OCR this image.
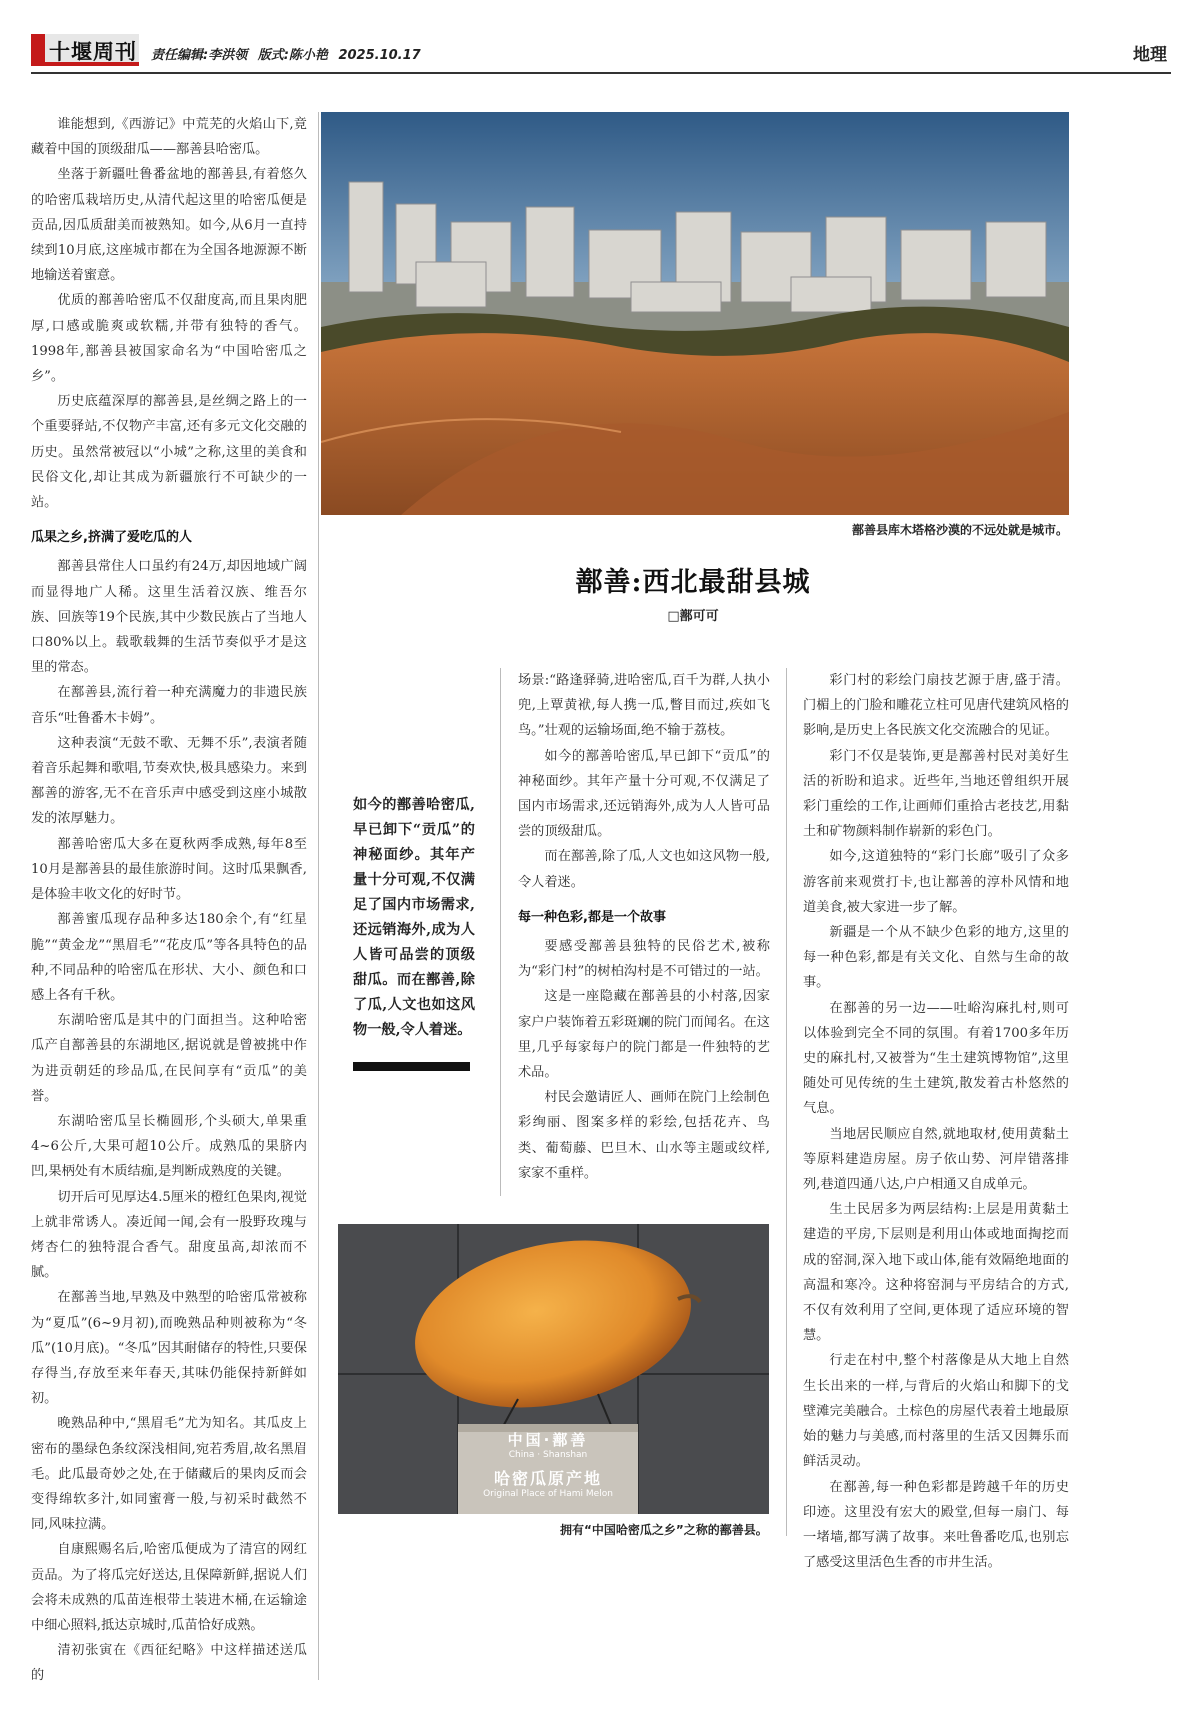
十堰周刊 责任编辑:李洪领 版式:陈小艳 2025.10.17	地理

谁能想到,《西游记》中荒芜的火焰山下,竟藏着中国的顶级甜瓜——鄯善县哈密瓜。

坐落于新疆吐鲁番盆地的鄯善县,有着悠久的哈密瓜栽培历史,从清代起这里的哈密瓜便是贡品,因瓜质甜美而被熟知。如今,从6月一直持续到10月底,这座城市都在为全国各地源源不断地输送着蜜意。

优质的鄯善哈密瓜不仅甜度高,而且果肉肥厚,口感或脆爽或软糯,并带有独特的香气。1998年,鄯善县被国家命名为“中国哈密瓜之乡”。

历史底蕴深厚的鄯善县,是丝绸之路上的一个重要驿站,不仅物产丰富,还有多元文化交融的历史。虽然常被冠以“小城”之称,这里的美食和民俗文化,却让其成为新疆旅行不可缺少的一站。

瓜果之乡,挤满了爱吃瓜的人

鄯善县常住人口虽约有24万,却因地域广阔而显得地广人稀。这里生活着汉族、维吾尔族、回族等19个民族,其中少数民族占了当地人口80%以上。载歌载舞的生活节奏似乎才是这里的常态。

在鄯善县,流行着一种充满魔力的非遗民族音乐“吐鲁番木卡姆”。

这种表演“无鼓不歌、无舞不乐”,表演者随着音乐起舞和歌唱,节奏欢快,极具感染力。来到鄯善的游客,无不在音乐声中感受到这座小城散发的浓厚魅力。

鄯善哈密瓜大多在夏秋两季成熟,每年8至10月是鄯善县的最佳旅游时间。这时瓜果飘香,是体验丰收文化的好时节。

鄯善蜜瓜现存品种多达180余个,有“红星脆”“黄金龙”“黑眉毛”“花皮瓜”等各具特色的品种,不同品种的哈密瓜在形状、大小、颜色和口感上各有千秋。

东湖哈密瓜是其中的门面担当。这种哈密瓜产自鄯善县的东湖地区,据说就是曾被挑中作为进贡朝廷的珍品瓜,在民间享有“贡瓜”的美誉。

东湖哈密瓜呈长椭圆形,个头硕大,单果重4~6公斤,大果可超10公斤。成熟瓜的果脐内凹,果柄处有木质结痂,是判断成熟度的关键。

切开后可见厚达4.5厘米的橙红色果肉,视觉上就非常诱人。凑近闻一闻,会有一股野玫瑰与烤杏仁的独特混合香气。甜度虽高,却浓而不腻。

在鄯善当地,早熟及中熟型的哈密瓜常被称为“夏瓜”(6~9月初),而晚熟品种则被称为“冬瓜”(10月底)。“冬瓜”因其耐储存的特性,只要保存得当,存放至来年春天,其味仍能保持新鲜如初。

晚熟品种中,“黑眉毛”尤为知名。其瓜皮上密布的墨绿色条纹深浅相间,宛若秀眉,故名黑眉毛。此瓜最奇妙之处,在于储藏后的果肉反而会变得绵软多汁,如同蜜膏一般,与初采时截然不同,风味拉满。

自康熙赐名后,哈密瓜便成为了清宫的网红贡品。为了将瓜完好送达,且保障新鲜,据说人们会将未成熟的瓜苗连根带土装进木桶,在运输途中细心照料,抵达京城时,瓜苗恰好成熟。

清初张寅在《西征纪略》中这样描述送瓜的

鄯善县库木塔格沙漠的不远处就是城市。
鄯善:西北最甜县城
□鄯可可
如今的鄯善哈密瓜,早已卸下“贡瓜”的神秘面纱。其年产量十分可观,不仅满足了国内市场需求,还远销海外,成为人人皆可品尝的顶级甜瓜。而在鄯善,除了瓜,人文也如这风物一般,令人着迷。

场景:“路逢驿骑,进哈密瓜,百千为群,人执小兜,上覃黄袱,每人携一瓜,瞥目而过,疾如飞鸟。”壮观的运输场面,绝不输于荔枝。

如今的鄯善哈密瓜,早已卸下“贡瓜”的神秘面纱。其年产量十分可观,不仅满足了国内市场需求,还远销海外,成为人人皆可品尝的顶级甜瓜。

而在鄯善,除了瓜,人文也如这风物一般,令人着迷。

每一种色彩,都是一个故事

要感受鄯善县独特的民俗艺术,被称为“彩门村”的树柏沟村是不可错过的一站。

这是一座隐藏在鄯善县的小村落,因家家户户装饰着五彩斑斓的院门而闻名。在这里,几乎每家每户的院门都是一件独特的艺术品。

村民会邀请匠人、画师在院门上绘制色彩绚丽、图案多样的彩绘,包括花卉、鸟类、葡萄藤、巴旦木、山水等主题或纹样,家家不重样。

彩门村的彩绘门扇技艺源于唐,盛于清。门楣上的门脸和雕花立柱可见唐代建筑风格的影响,是历史上各民族文化交流融合的见证。

彩门不仅是装饰,更是鄯善村民对美好生活的祈盼和追求。近些年,当地还曾组织开展彩门重绘的工作,让画师们重拾古老技艺,用黏土和矿物颜料制作崭新的彩色门。

如今,这道独特的“彩门长廊”吸引了众多游客前来观赏打卡,也让鄯善的淳朴风情和地道美食,被大家进一步了解。

新疆是一个从不缺少色彩的地方,这里的每一种色彩,都是有关文化、自然与生命的故事。

在鄯善的另一边——吐峪沟麻扎村,则可以体验到完全不同的氛围。有着1700多年历史的麻扎村,又被誉为“生土建筑博物馆”,这里随处可见传统的生土建筑,散发着古朴悠然的气息。

当地居民顺应自然,就地取材,使用黄黏土等原料建造房屋。房子依山势、河岸错落排列,巷道四通八达,户户相通又自成单元。

生土民居多为两层结构:上层是用黄黏土建造的平房,下层则是利用山体或地面掏挖而成的窑洞,深入地下或山体,能有效隔绝地面的高温和寒冷。这种将窑洞与平房结合的方式,不仅有效利用了空间,更体现了适应环境的智慧。

行走在村中,整个村落像是从大地上自然生长出来的一样,与背后的火焰山和脚下的戈壁滩完美融合。土棕色的房屋代表着土地最原始的魅力与美感,而村落里的生活又因舞乐而鲜活灵动。

在鄯善,每一种色彩都是跨越千年的历史印迹。这里没有宏大的殿堂,但每一扇门、每一堵墙,都写满了故事。来吐鲁番吃瓜,也别忘了感受这里活色生香的市井生活。

中国·鄯善
China · Shanshan
哈密瓜原产地
Original Place of Hami Melon
拥有“中国哈密瓜之乡”之称的鄯善县。
